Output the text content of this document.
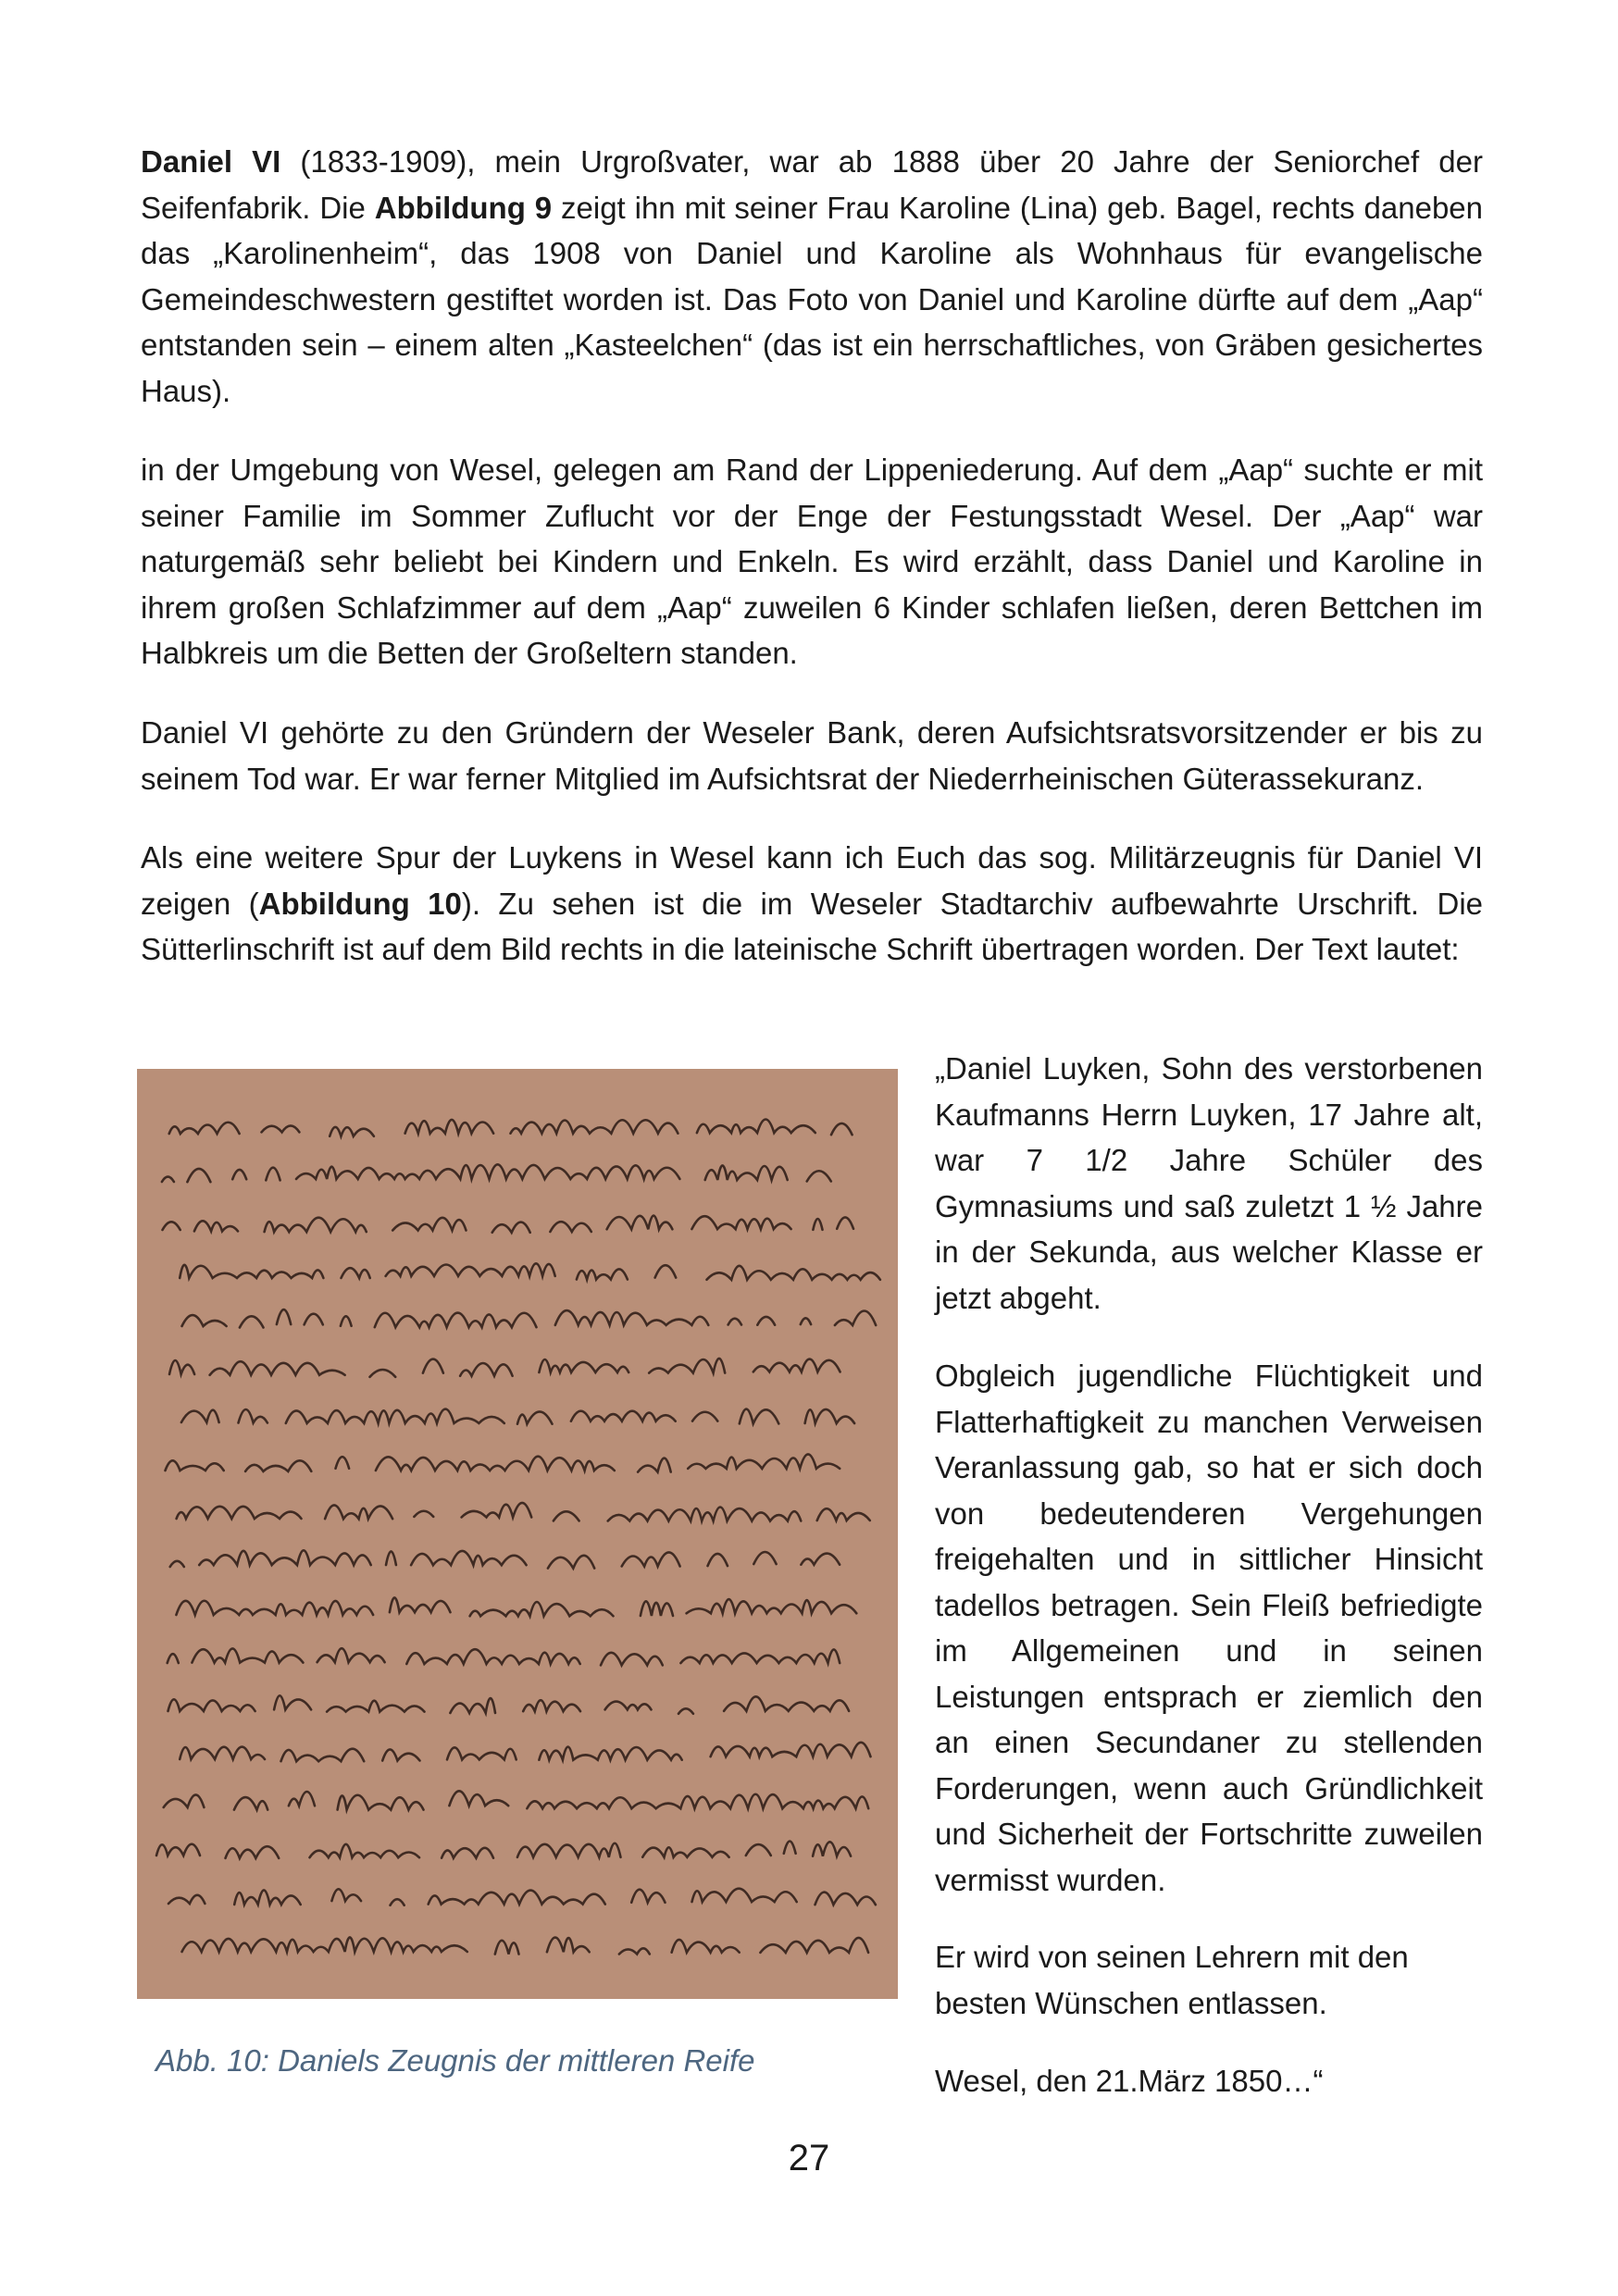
Daniel VI (1833-1909), mein Urgroßvater, war ab 1888 über 20 Jahre der Seniorchef der Seifenfabrik. Die Abbildung 9 zeigt ihn mit seiner Frau Karoline (Lina) geb. Bagel, rechts daneben das „Karolinenheim“, das 1908 von Daniel und Karoline als Wohnhaus für evangelische Gemeindeschwestern gestiftet worden ist. Das Foto von Daniel und Karoline dürfte auf dem „Aap“ entstanden sein – einem alten „Kasteelchen“ (das ist ein herrschaftliches, von Gräben gesichertes Haus).

in der Umgebung von Wesel, gelegen am Rand der Lippeniederung. Auf dem „Aap“ suchte er mit seiner Familie im Sommer Zuflucht vor der Enge der Festungsstadt Wesel. Der „Aap“ war naturgemäß sehr beliebt bei Kindern und Enkeln. Es wird erzählt, dass Daniel und Karoline in ihrem großen Schlafzimmer auf dem „Aap“ zuweilen 6 Kinder schlafen ließen, deren Bettchen im Halbkreis um die Betten der Großeltern standen.

Daniel VI gehörte zu den Gründern der Weseler Bank, deren Aufsichtsratsvorsitzender er bis zu seinem Tod war. Er war ferner Mitglied im Aufsichtsrat der Niederrheinischen Güterassekuranz.

Als eine weitere Spur der Luykens in Wesel kann ich Euch das sog. Militärzeugnis für Daniel VI zeigen (Abbildung 10). Zu sehen ist die im Weseler Stadtarchiv aufbewahrte Urschrift. Die Sütterlinschrift ist auf dem Bild rechts in die lateinische Schrift übertragen worden. Der Text lautet:

Abb. 10: Daniels Zeugnis der mittleren Reife

„Daniel Luyken, Sohn des verstorbenen Kaufmanns Herrn Luyken, 17 Jahre alt, war 7 1/2 Jahre Schüler des Gymnasiums und saß zuletzt 1 ½ Jahre in der Sekunda, aus welcher Klasse er jetzt abgeht.

Obgleich jugendliche Flüchtigkeit und Flatterhaftigkeit zu manchen Verweisen Veranlassung gab, so hat er sich doch von bedeutenderen Vergehungen freigehalten und in sittlicher Hinsicht tadellos betragen. Sein Fleiß befriedigte im Allgemeinen und in seinen Leistungen entsprach er ziemlich den an einen Secundaner zu stellenden Forderungen, wenn auch Gründlichkeit und Sicherheit der Fortschritte zuweilen vermisst wurden.

Er wird von seinen Lehrern mit den besten Wünschen entlassen.

Wesel, den 21.März 1850…“

27
